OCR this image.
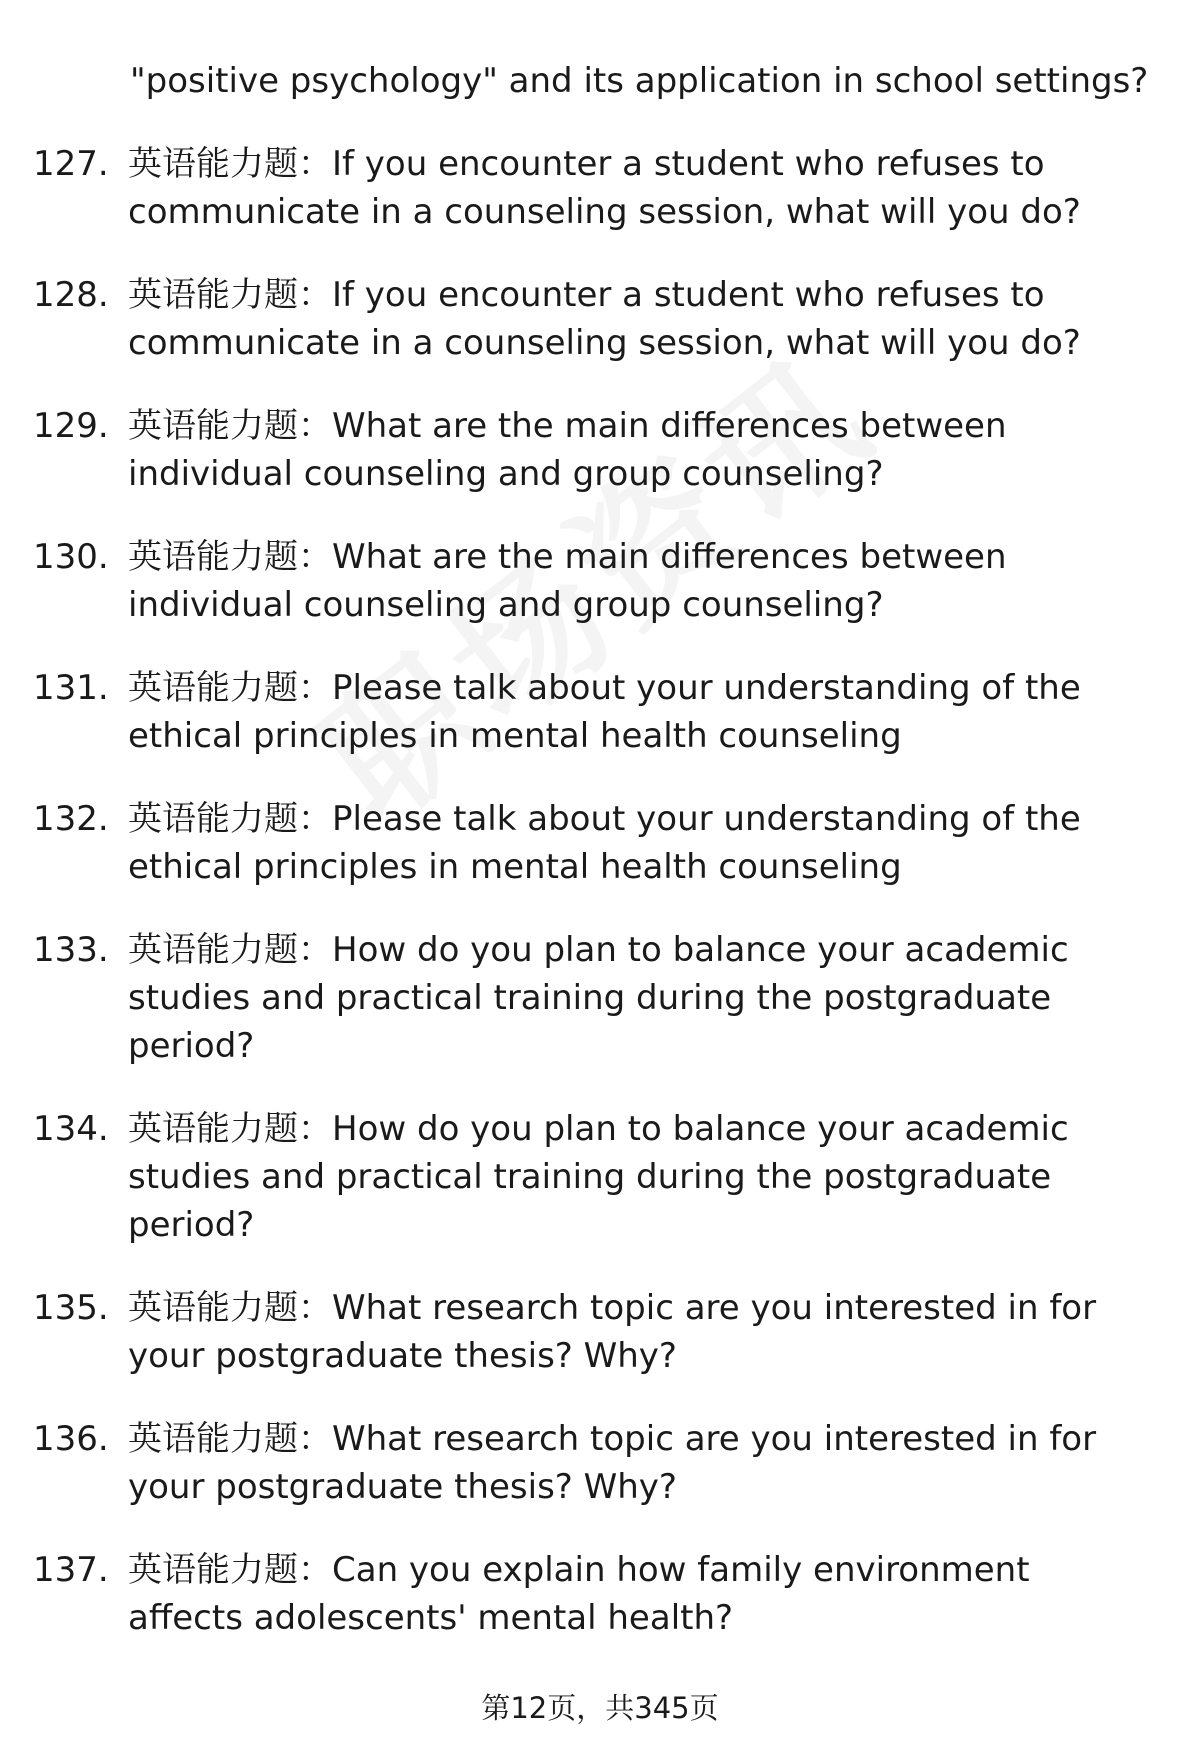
"positive psychology" and its application in school settings?
127. 英语能力题：If you encounter a student who refuses to communicate in a counseling session, what will you do?
128. 英语能力题：If you encounter a student who refuses to communicate in a counseling session, what will you do?
129. 英语能力题：What are the main differences between individual counseling and group counseling?
130. 英语能力题：What are the main differences between individual counseling and group counseling?
131. 英语能力题：Please talk about your understanding of the ethical principles in mental health counseling
132. 英语能力题：Please talk about your understanding of the ethical principles in mental health counseling
133. 英语能力题：How do you plan to balance your academic studies and practical training during the postgraduate period?
134. 英语能力题：How do you plan to balance your academic studies and practical training during the postgraduate period?
135. 英语能力题：What research topic are you interested in for your postgraduate thesis? Why?
136. 英语能力题：What research topic are you interested in for your postgraduate thesis? Why?
137. 英语能力题：Can you explain how family environment affects adolescents' mental health?
第12页，共345页
